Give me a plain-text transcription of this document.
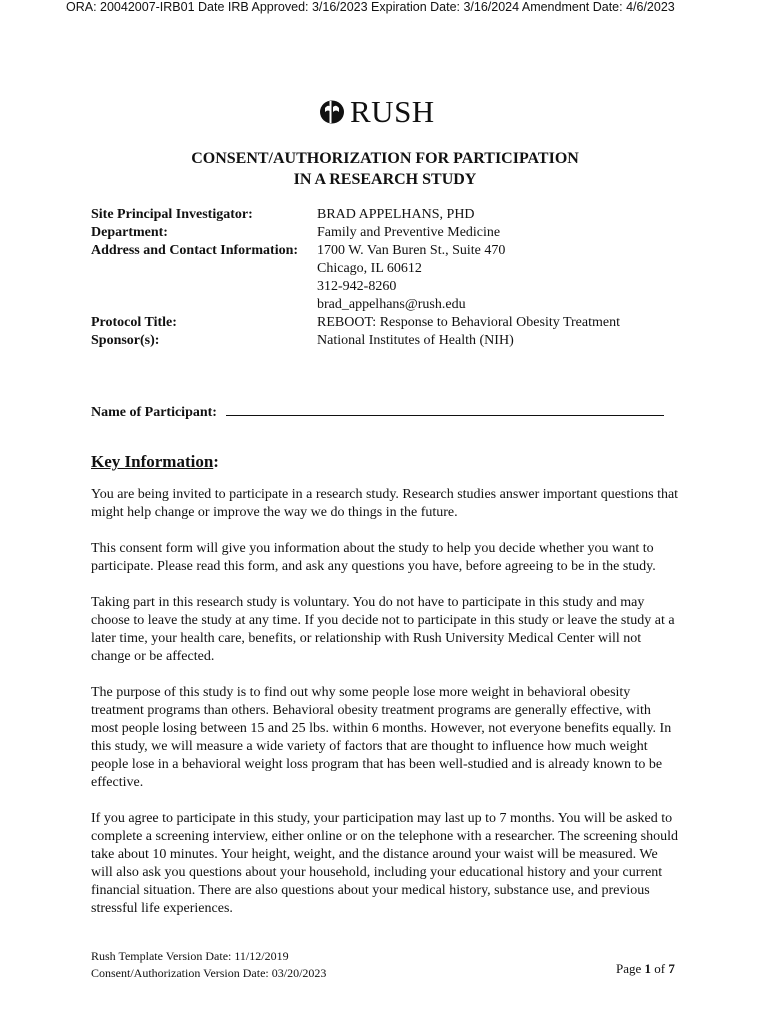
ORA: 20042007-IRB01 Date IRB Approved: 3/16/2023 Expiration Date: 3/16/2024 Amendment Date: 4/6/2023
RUSH
CONSENT/AUTHORIZATION FOR PARTICIPATION
IN A RESEARCH STUDY
Site Principal Investigator:	BRAD APPELHANS, PHD
Department:	Family and Preventive Medicine
Address and Contact Information:	1700 W. Van Buren St., Suite 470
Chicago, IL 60612
312-942-8260
brad_appelhans@rush.edu
Protocol Title:	REBOOT: Response to Behavioral Obesity Treatment
Sponsor(s):	National Institutes of Health (NIH)
Name of Participant:
Key Information:

You are being invited to participate in a research study. Research studies answer important questions that might help change or improve the way we do things in the future.

This consent form will give you information about the study to help you decide whether you want to participate. Please read this form, and ask any questions you have, before agreeing to be in the study.

Taking part in this research study is voluntary. You do not have to participate in this study and may choose to leave the study at any time. If you decide not to participate in this study or leave the study at a later time, your health care, benefits, or relationship with Rush University Medical Center will not change or be affected.

The purpose of this study is to find out why some people lose more weight in behavioral obesity treatment programs than others. Behavioral obesity treatment programs are generally effective, with most people losing between 15 and 25 lbs. within 6 months. However, not everyone benefits equally. In this study, we will measure a wide variety of factors that are thought to influence how much weight people lose in a behavioral weight loss program that has been well-studied and is already known to be effective.

If you agree to participate in this study, your participation may last up to 7 months. You will be asked to complete a screening interview, either online or on the telephone with a researcher. The screening should take about 10 minutes. Your height, weight, and the distance around your waist will be measured. We will also ask you questions about your household, including your educational history and your current financial situation. There are also questions about your medical history, substance use, and previous stressful life experiences.

Rush Template Version Date: 11/12/2019
Consent/Authorization Version Date: 03/20/2023	Page 1 of 7
